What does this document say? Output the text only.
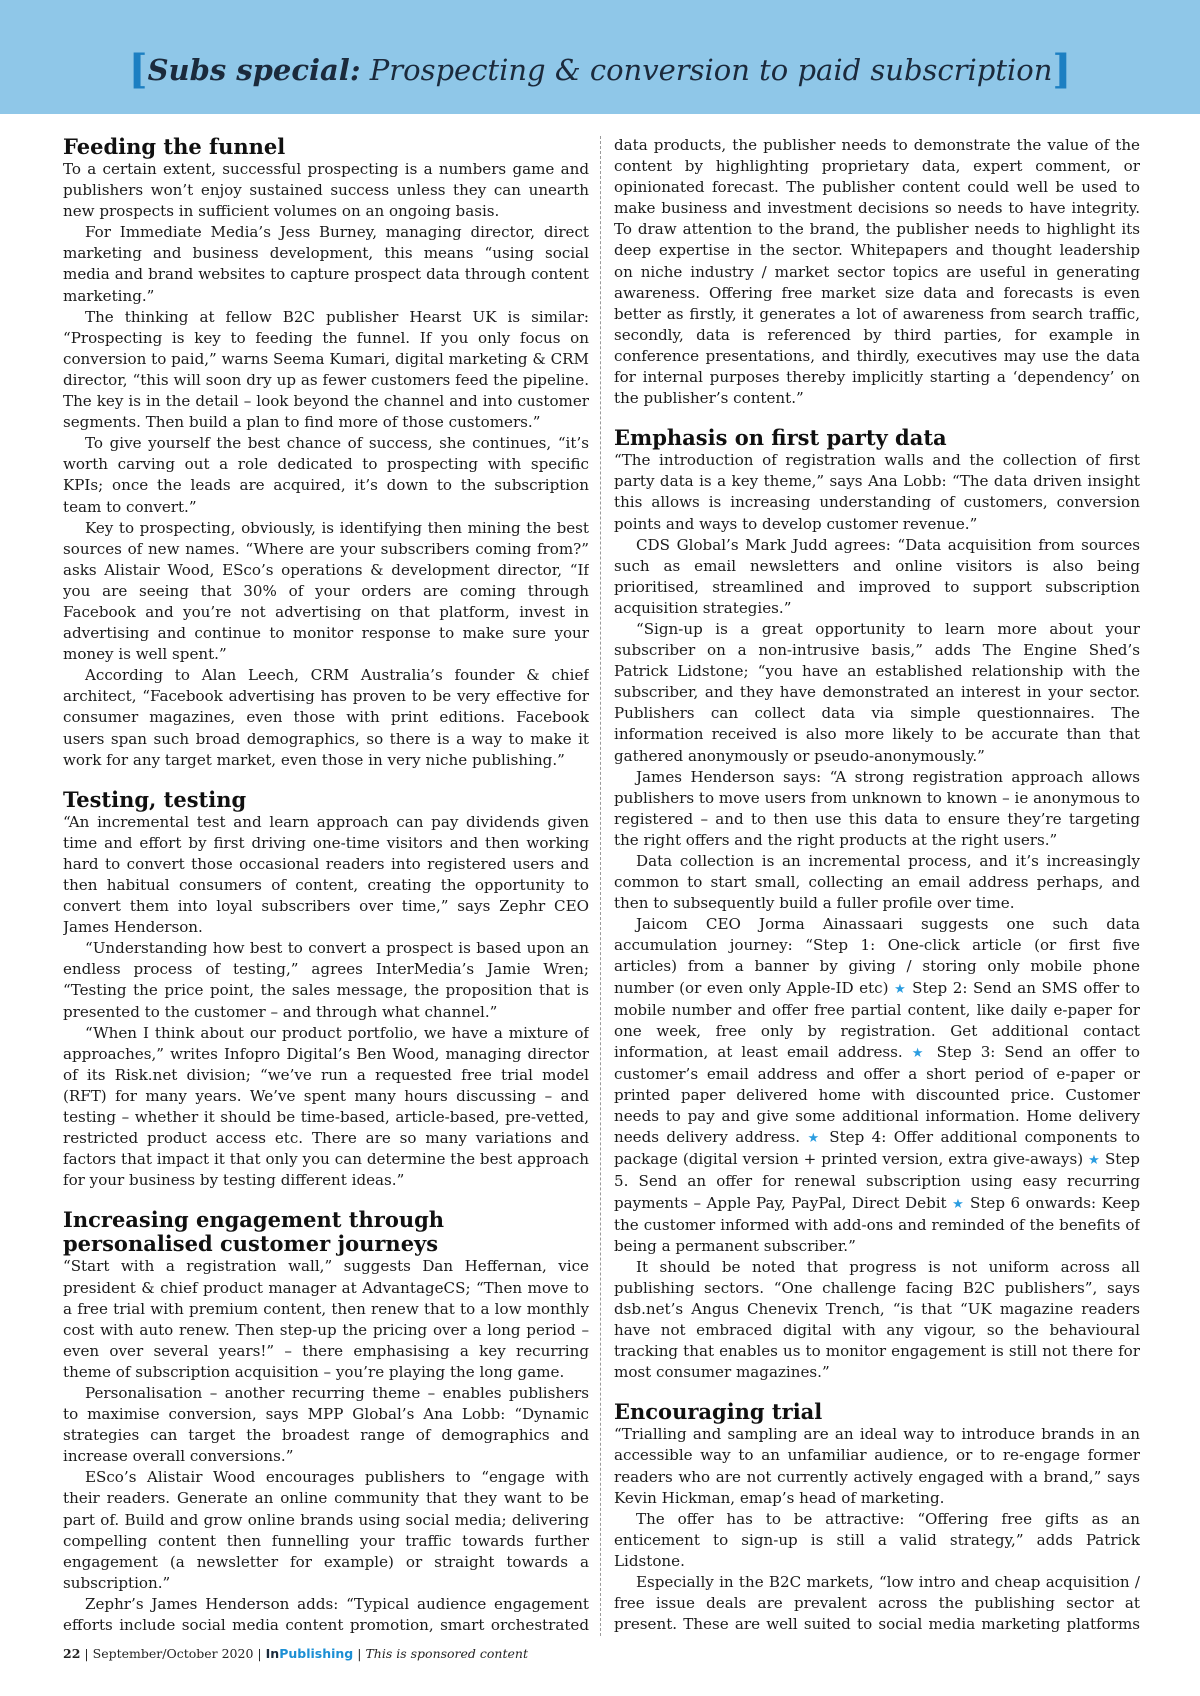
[Subs special: Prospecting & conversion to paid subscription]
Feeding the funnel

To a certain extent, successful prospecting is a numbers game and publishers won’t enjoy sustained success unless they can unearth new prospects in sufficient volumes on an ongoing basis.

For Immediate Media’s Jess Burney, managing director, direct marketing and business development, this means “using social media and brand websites to capture prospect data through content marketing.”

The thinking at fellow B2C publisher Hearst UK is similar: “Prospecting is key to feeding the funnel. If you only focus on conversion to paid,” warns Seema Kumari, digital marketing & CRM director, “this will soon dry up as fewer customers feed the pipeline. The key is in the detail – look beyond the channel and into customer segments. Then build a plan to find more of those customers.”

To give yourself the best chance of success, she continues, “it’s worth carving out a role dedicated to prospecting with specific KPIs; once the leads are acquired, it’s down to the subscription team to convert.”

Key to prospecting, obviously, is identifying then mining the best sources of new names. “Where are your subscribers coming from?” asks Alistair Wood, ESco’s operations & development director, “If you are seeing that 30% of your orders are coming through Facebook and you’re not advertising on that platform, invest in advertising and continue to monitor response to make sure your money is well spent.”

According to Alan Leech, CRM Australia’s founder & chief architect, “Facebook advertising has proven to be very effective for consumer magazines, even those with print editions. Facebook users span such broad demographics, so there is a way to make it work for any target market, even those in very niche publishing.”

Testing, testing

“An incremental test and learn approach can pay dividends given time and effort by first driving one-time visitors and then working hard to convert those occasional readers into registered users and then habitual consumers of content, creating the opportunity to convert them into loyal subscribers over time,” says Zephr CEO James Henderson.

“Understanding how best to convert a prospect is based upon an endless process of testing,” agrees InterMedia’s Jamie Wren; “Testing the price point, the sales message, the proposition that is presented to the customer – and through what channel.”

“When I think about our product portfolio, we have a mixture of approaches,” writes Infopro Digital’s Ben Wood, managing director of its Risk.net division; “we’ve run a requested free trial model (RFT) for many years. We’ve spent many hours discussing – and testing – whether it should be time-based, article-based, pre-vetted, restricted product access etc. There are so many variations and factors that impact it that only you can determine the best approach for your business by testing different ideas.”

Increasing engagement through
personalised customer journeys

“Start with a registration wall,” suggests Dan Heffernan, vice president & chief product manager at AdvantageCS; “Then move to a free trial with premium content, then renew that to a low monthly cost with auto renew. Then step-up the pricing over a long period – even over several years!” – there emphasising a key recurring theme of subscription acquisition – you’re playing the long game.

Personalisation – another recurring theme – enables publishers to maximise conversion, says MPP Global’s Ana Lobb: “Dynamic strategies can target the broadest range of demographics and increase overall conversions.”

ESco’s Alistair Wood encourages publishers to “engage with their readers. Generate an online community that they want to be part of. Build and grow online brands using social media; delivering compelling content then funnelling your traffic towards further engagement (a newsletter for example) or straight towards a subscription.”

Zephr’s James Henderson adds: “Typical audience engagement efforts include social media content promotion, smart orchestrated

data products, the publisher needs to demonstrate the value of the content by highlighting proprietary data, expert comment, or opinionated forecast. The publisher content could well be used to make business and investment decisions so needs to have integrity. To draw attention to the brand, the publisher needs to highlight its deep expertise in the sector. Whitepapers and thought leadership on niche industry / market sector topics are useful in generating awareness. Offering free market size data and forecasts is even better as firstly, it generates a lot of awareness from search traffic, secondly, data is referenced by third parties, for example in conference presentations, and thirdly, executives may use the data for internal purposes thereby implicitly starting a ‘dependency’ on the publisher’s content.”

Emphasis on first party data

“The introduction of registration walls and the collection of first party data is a key theme,” says Ana Lobb: “The data driven insight this allows is increasing understanding of customers, conversion points and ways to develop customer revenue.”

CDS Global’s Mark Judd agrees: “Data acquisition from sources such as email newsletters and online visitors is also being prioritised, streamlined and improved to support subscription acquisition strategies.”

“Sign-up is a great opportunity to learn more about your subscriber on a non-intrusive basis,” adds The Engine Shed’s Patrick Lidstone; “you have an established relationship with the subscriber, and they have demonstrated an interest in your sector. Publishers can collect data via simple questionnaires. The information received is also more likely to be accurate than that gathered anonymously or pseudo-anonymously.”

James Henderson says: “A strong registration approach allows publishers to move users from unknown to known – ie anonymous to registered – and to then use this data to ensure they’re targeting the right offers and the right products at the right users.”

Data collection is an incremental process, and it’s increasingly common to start small, collecting an email address perhaps, and then to subsequently build a fuller profile over time.

Jaicom CEO Jorma Ainassaari suggests one such data accumulation journey: “Step 1: One-click article (or first five articles) from a banner by giving / storing only mobile phone number (or even only Apple-ID etc) ★ Step 2: Send an SMS offer to mobile number and offer free partial content, like daily e-paper for one week, free only by registration. Get additional contact information, at least email address. ★ Step 3: Send an offer to customer’s email address and offer a short period of e-paper or printed paper delivered home with discounted price. Customer needs to pay and give some additional information. Home delivery needs delivery address. ★ Step 4: Offer additional components to package (digital version + printed version, extra give-aways) ★ Step 5. Send an offer for renewal subscription using easy recurring payments – Apple Pay, PayPal, Direct Debit ★ Step 6 onwards: Keep the customer informed with add-ons and reminded of the benefits of being a permanent subscriber.”

It should be noted that progress is not uniform across all publishing sectors. “One challenge facing B2C publishers”, says dsb.net’s Angus Chenevix Trench, “is that “UK magazine readers have not embraced digital with any vigour, so the behavioural tracking that enables us to monitor engagement is still not there for most consumer magazines.”

Encouraging trial

“Trialling and sampling are an ideal way to introduce brands in an accessible way to an unfamiliar audience, or to re-engage former readers who are not currently actively engaged with a brand,” says Kevin Hickman, emap’s head of marketing.

The offer has to be attractive: “Offering free gifts as an enticement to sign-up is still a valid strategy,” adds Patrick Lidstone.

Especially in the B2C markets, “low intro and cheap acquisition / free issue deals are prevalent across the publishing sector at present. These are well suited to social media marketing platforms

22 | September/October 2020 | InPublishing | This is sponsored content
